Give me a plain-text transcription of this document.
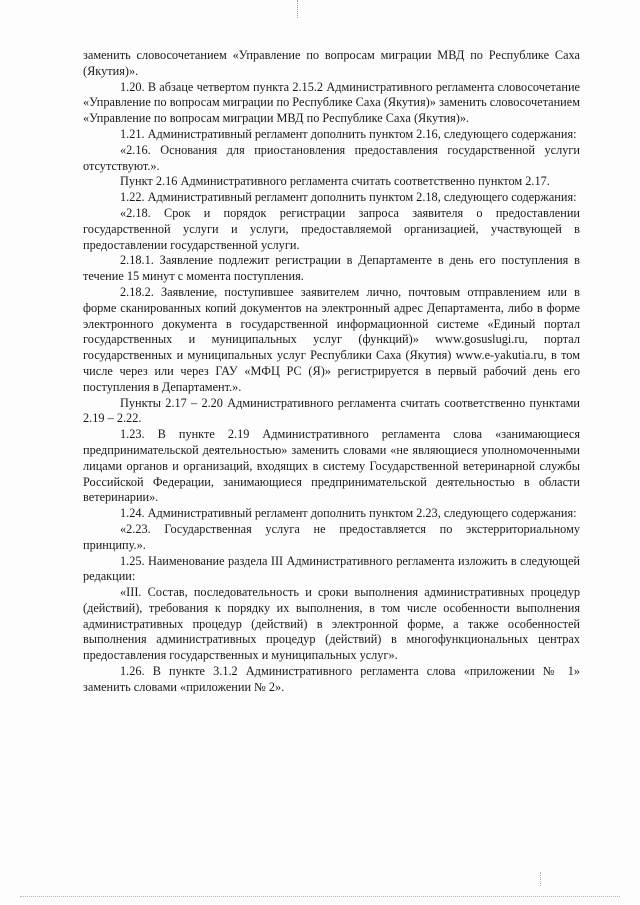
заменить словосочетанием «Управление по вопросам миграции МВД по Республике Саха (Якутия)».

1.20. В абзаце четвертом пункта 2.15.2 Административного регламента словосочетание «Управление по вопросам миграции по Республике Саха (Якутия)» заменить словосочетанием «Управление по вопросам миграции МВД по Республике Саха (Якутия)».

1.21. Административный регламент дополнить пунктом 2.16, следующего содержания:

«2.16. Основания для приостановления предоставления государственной услуги отсутствуют.».

Пункт 2.16 Административного регламента считать соответственно пунктом 2.17.

1.22. Административный регламент дополнить пунктом 2.18, следующего содержания:

«2.18. Срок и порядок регистрации запроса заявителя о предоставлении государственной услуги и услуги, предоставляемой организацией, участвующей в предоставлении государственной услуги.

2.18.1. Заявление подлежит регистрации в Департаменте в день его поступления в течение 15 минут с момента поступления.

2.18.2. Заявление, поступившее заявителем лично, почтовым отправлением или в форме сканированных копий документов на электронный адрес Департамента, либо в форме электронного документа в государственной информационной системе «Единый портал государственных и муниципальных услуг (функций)» www.gosuslugi.ru, портал государственных и муниципальных услуг Республики Саха (Якутия) www.e-yakutia.ru, в том числе через или через ГАУ «МФЦ РС (Я)» регистрируется в первый рабочий день его поступления в Департамент.».

Пункты 2.17 – 2.20 Административного регламента считать соответственно пунктами 2.19 – 2.22.

1.23. В пункте 2.19 Административного регламента слова «занимающиеся предпринимательской деятельностью» заменить словами «не являющиеся уполномоченными лицами органов и организаций, входящих в систему Государственной ветеринарной службы Российской Федерации, занимающиеся предпринимательской деятельностью в области ветеринарии».

1.24. Административный регламент дополнить пунктом 2.23, следующего содержания:

«2.23. Государственная услуга не предоставляется по экстерриториальному принципу.».

1.25. Наименование раздела III Административного регламента изложить в следующей редакции:

«III. Состав, последовательность и сроки выполнения административных процедур (действий), требования к порядку их выполнения, в том числе особенности выполнения административных процедур (действий) в электронной форме, а также особенностей выполнения административных процедур (действий) в многофункциональных центрах предоставления государственных и муниципальных услуг».

1.26. В пункте 3.1.2 Административного регламента слова «приложении № 1» заменить словами «приложении № 2».
